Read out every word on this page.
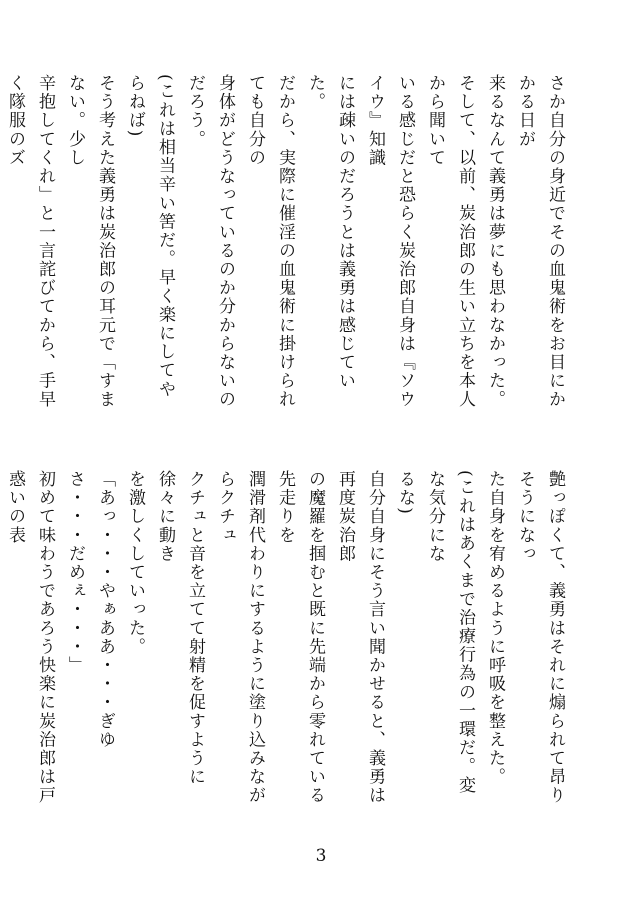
さか自分の身近でその血鬼術をお目にかかる日が

来るなんて義勇は夢にも思わなかった。

そして、以前、炭治郎の生い立ちを本人から聞いて

いる感じだと恐らく炭治郎自身は『ソウイウ』知識

には疎いのだろうとは義勇は感じていた。

だから、実際に催淫の血鬼術に掛けられても自分の

身体がどうなっているのか分からないのだろう。

(これは相当辛い筈だ。早く楽にしてやらねば)

そう考えた義勇は炭治郎の耳元で「すまない。少し

辛抱してくれ」と一言詫びてから、手早く隊服のズ

艶っぽくて、義勇はそれに煽られて昂りそうになっ

た自身を宥めるように呼吸を整えた。

(これはあくまで治療行為の一環だ。変な気分にな

るな)

自分自身にそう言い聞かせると、義勇は再度炭治郎

の魔羅を掴むと既に先端から零れている先走りを

潤滑剤代わりにするように塗り込みながらクチュ

クチュと音を立てて射精を促すように徐々に動き

を激しくしていった。

「あっ・・・やぁああ・・・ぎゆさ・・・だめぇ・・・」

初めて味わうであろう快楽に炭治郎は戸惑いの表

3
